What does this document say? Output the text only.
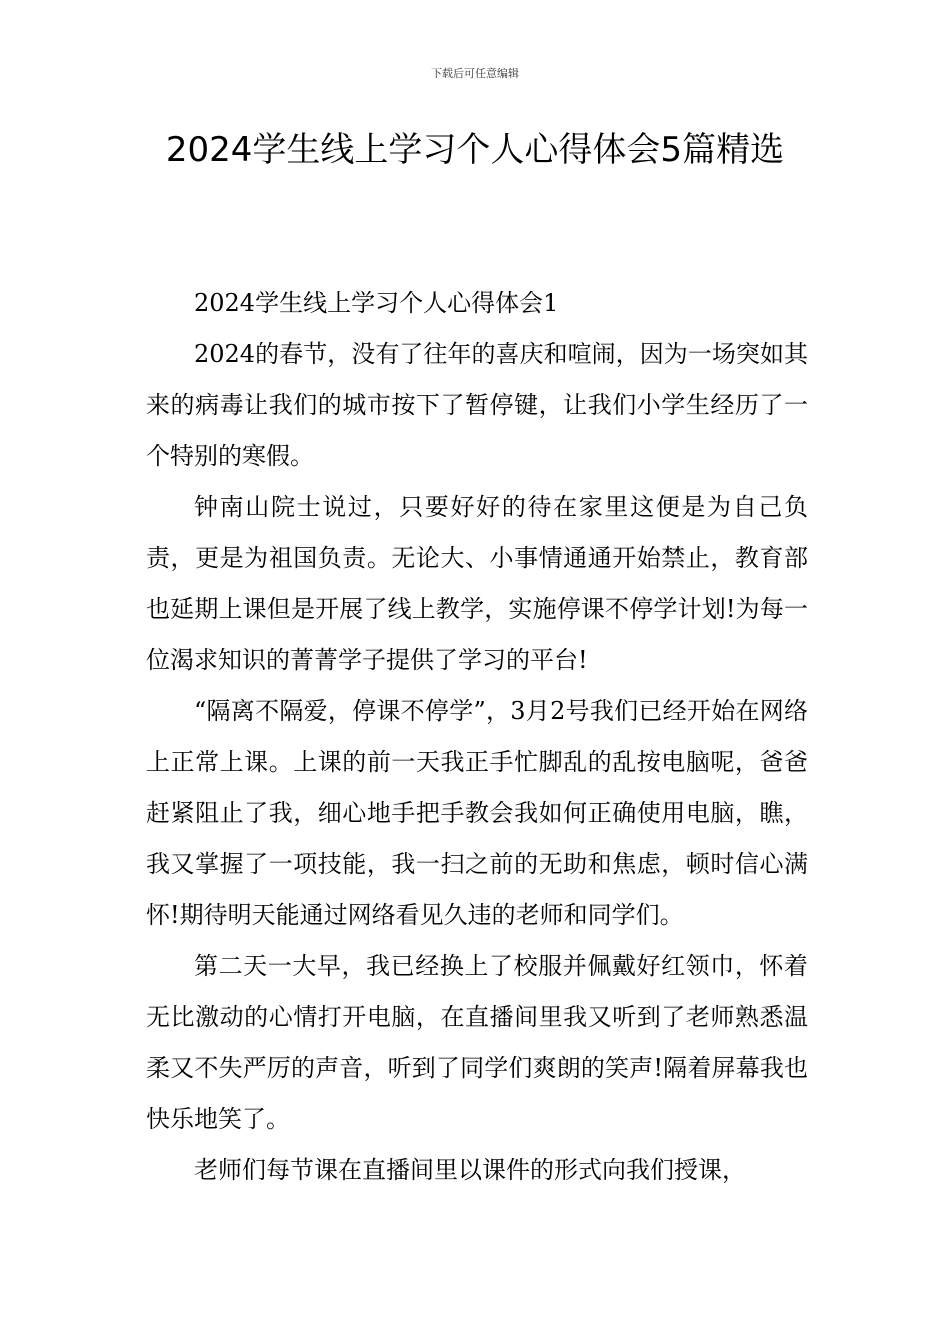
下载后可任意编辑
2024学生线上学习个人心得体会5篇精选

2024学生线上学习个人心得体会1

2024的春节，没有了往年的喜庆和喧闹，因为一场突如其来的病毒让我们的城市按下了暂停键，让我们小学生经历了一个特别的寒假。

钟南山院士说过，只要好好的待在家里这便是为自己负责，更是为祖国负责。无论大、小事情通通开始禁止，教育部也延期上课但是开展了线上教学，实施停课不停学计划!为每一位渴求知识的菁菁学子提供了学习的平台!

“隔离不隔爱，停课不停学”，3月2号我们已经开始在网络上正常上课。上课的前一天我正手忙脚乱的乱按电脑呢，爸爸赶紧阻止了我，细心地手把手教会我如何正确使用电脑，瞧，我又掌握了一项技能，我一扫之前的无助和焦虑，顿时信心满怀!期待明天能通过网络看见久违的老师和同学们。

第二天一大早，我已经换上了校服并佩戴好红领巾，怀着无比激动的心情打开电脑，在直播间里我又听到了老师熟悉温柔又不失严厉的声音，听到了同学们爽朗的笑声!隔着屏幕我也快乐地笑了。

老师们每节课在直播间里以课件的形式向我们授课，
